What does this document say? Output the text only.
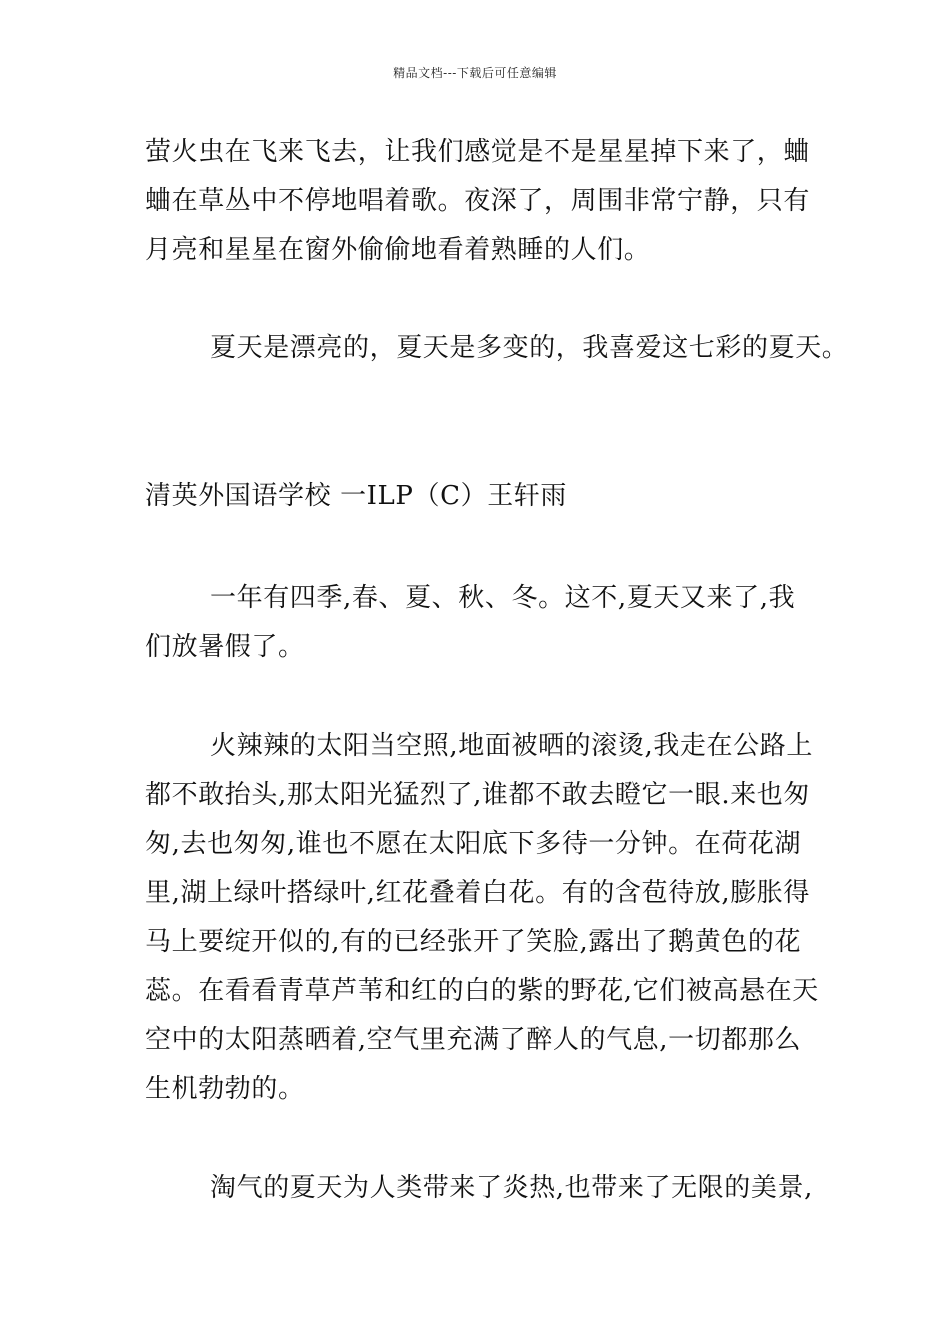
精品文档---下载后可任意编辑
萤火虫在飞来飞去，让我们感觉是不是星星掉下来了，蛐
蛐在草丛中不停地唱着歌。夜深了，周围非常宁静，只有
月亮和星星在窗外偷偷地看着熟睡的人们。
夏天是漂亮的，夏天是多变的，我喜爱这七彩的夏天。
清英外国语学校 一ILP（C）王轩雨
一年有四季,春、夏、秋、冬。这不,夏天又来了,我
们放暑假了。
火辣辣的太阳当空照,地面被晒的滚烫,我走在公路上
都不敢抬头,那太阳光猛烈了,谁都不敢去瞪它一眼.来也匆
匆,去也匆匆,谁也不愿在太阳底下多待一分钟。在荷花湖
里,湖上绿叶搭绿叶,红花叠着白花。有的含苞待放,膨胀得
马上要绽开似的,有的已经张开了笑脸,露出了鹅黄色的花
蕊。在看看青草芦苇和红的白的紫的野花,它们被高悬在天
空中的太阳蒸晒着,空气里充满了醉人的气息,一切都那么
生机勃勃的。
淘气的夏天为人类带来了炎热,也带来了无限的美景,
